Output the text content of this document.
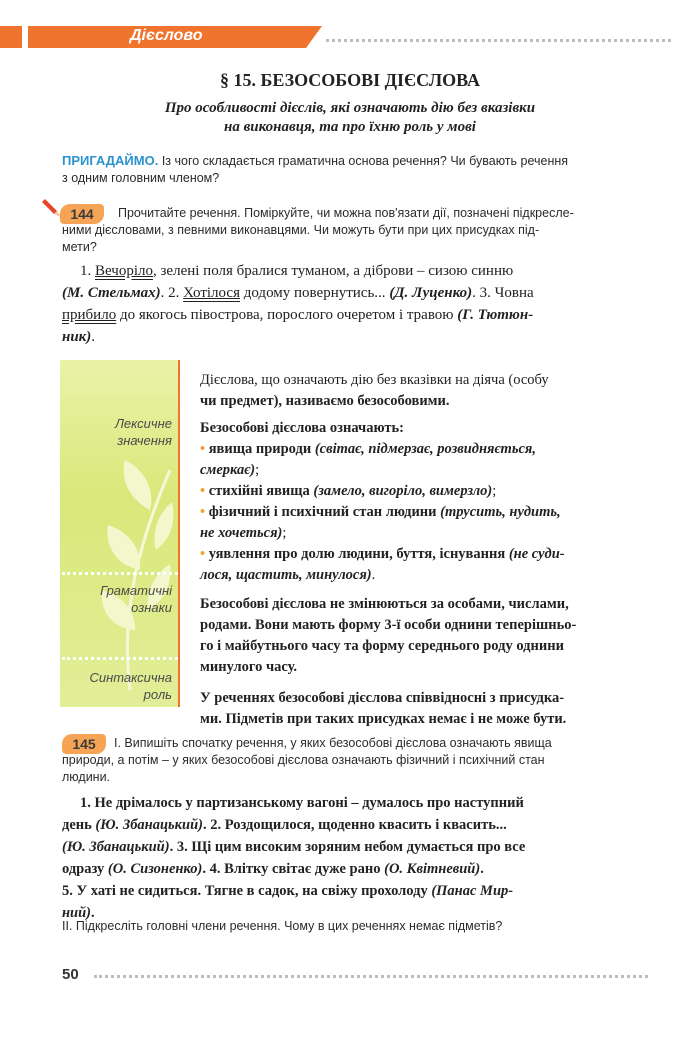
Дієслово
§ 15. БЕЗОСОБОВІ ДІЄСЛОВА
Про особливості дієслів, які означають дію без вказівки
на виконавця, та про їхню роль у мові
ПРИГАДАЙМО. Із чого складається граматична основа речення? Чи бувають речення
з одним головним членом?
144	Прочитайте речення. Поміркуйте, чи можна пов'язати дії, позначені підкресле-
ними дієсловами, з певними виконавцями. Чи можуть бути при цих присудках під-
мети?
1. Вечоріло, зелені поля бралися туманом, а діброви – сизою синню
(М. Стельмах). 2. Хотілося додому повернутись... (Д. Луценко). 3. Човна
прибило до якогось півострова, порослого очеретом і травою (Г. Тютюн-
ник).
Лексичне
значення
Граматичні
ознаки
Синтаксична
роль
Дієслова, що означають дію без вказівки на діяча (особу
чи предмет), називаємо безособовими.
Безособові дієслова означають:
• явища природи (світає, підмерзає, розвидняється,
смеркає);
• стихійні явища (замело, вигоріло, вимерзло);
• фізичний і психічний стан людини (трусить, нудить,
не хочеться);
• уявлення про долю людини, буття, існування (не суди-
лося, щастить, минулося).
Безособові дієслова не змінюються за особами, числами,
родами. Вони мають форму 3-ї особи однини теперішньо-
го і майбутнього часу та форму середнього роду однини
минулого часу.
У реченнях безособові дієслова співвідносні з присудка-
ми. Підметів при таких присудках немає і не може бути.
145	І. Випишіть спочатку речення, у яких безособові дієслова означають явища
природи, а потім – у яких безособові дієслова означають фізичний і психічний стан
людини.
1. Не дрімалось у партизанському вагоні – думалось про наступний
день (Ю. Збанацький). 2. Роздощилося, щоденно квасить і квасить...
(Ю. Збанацький). 3. Щі цим високим зоряним небом думається про все
одразу (О. Сизоненко). 4. Влітку світає дуже рано (О. Квітневий).
5. У хаті не сидиться. Тягне в садок, на свіжу прохолоду (Панас Мир-
ний).
ІІ. Підкресліть головні члени речення. Чому в цих реченнях немає підметів?
50
